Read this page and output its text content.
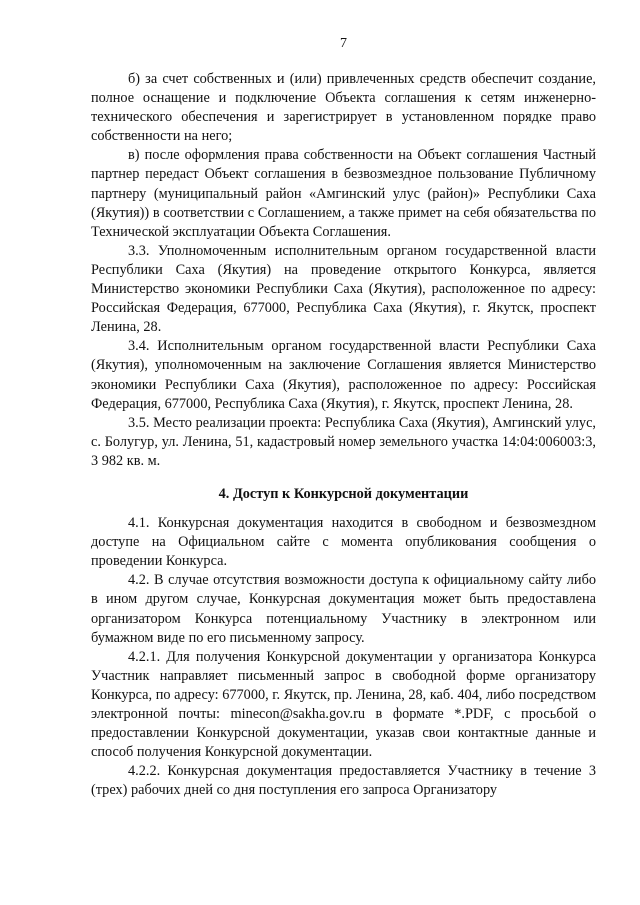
7

б) за счет собственных и (или) привлеченных средств обеспечит создание, полное оснащение и подключение Объекта соглашения к сетям инженерно-технического обеспечения и зарегистрирует в установленном порядке право собственности на него;

в) после оформления права собственности на Объект соглашения Частный партнер передаст Объект соглашения в безвозмездное пользование Публичному партнеру (муниципальный район «Амгинский улус (район)» Республики Саха (Якутия)) в соответствии с Соглашением, а также примет на себя обязательства по Технической эксплуатации Объекта Соглашения.

3.3. Уполномоченным исполнительным органом государственной власти Республики Саха (Якутия) на проведение открытого Конкурса, является Министерство экономики Республики Саха (Якутия), расположенное по адресу: Российская Федерация, 677000, Республика Саха (Якутия), г. Якутск, проспект Ленина, 28.

3.4. Исполнительным органом государственной власти Республики Саха (Якутия), уполномоченным на заключение Соглашения является Министерство экономики Республики Саха (Якутия), расположенное по адресу: Российская Федерация, 677000, Республика Саха (Якутия), г. Якутск, проспект Ленина, 28.

3.5. Место реализации проекта: Республика Саха (Якутия), Амгинский улус, с. Болугур, ул. Ленина, 51, кадастровый номер земельного участка 14:04:006003:3, 3 982 кв. м.

4. Доступ к Конкурсной документации

4.1. Конкурсная документация находится в свободном и безвозмездном доступе на Официальном сайте с момента опубликования сообщения о проведении Конкурса.

4.2. В случае отсутствия возможности доступа к официальному сайту либо в ином другом случае, Конкурсная документация может быть предоставлена организатором Конкурса потенциальному Участнику в электронном или бумажном виде по его письменному запросу.

4.2.1. Для получения Конкурсной документации у организатора Конкурса Участник направляет письменный запрос в свободной форме организатору Конкурса, по адресу: 677000, г. Якутск, пр. Ленина, 28, каб. 404, либо посредством электронной почты: minecon@sakha.gov.ru в формате *.PDF, с просьбой о предоставлении Конкурсной документации, указав свои контактные данные и способ получения Конкурсной документации.

4.2.2. Конкурсная документация предоставляется Участнику в течение 3 (трех) рабочих дней со дня поступления его запроса Организатору
